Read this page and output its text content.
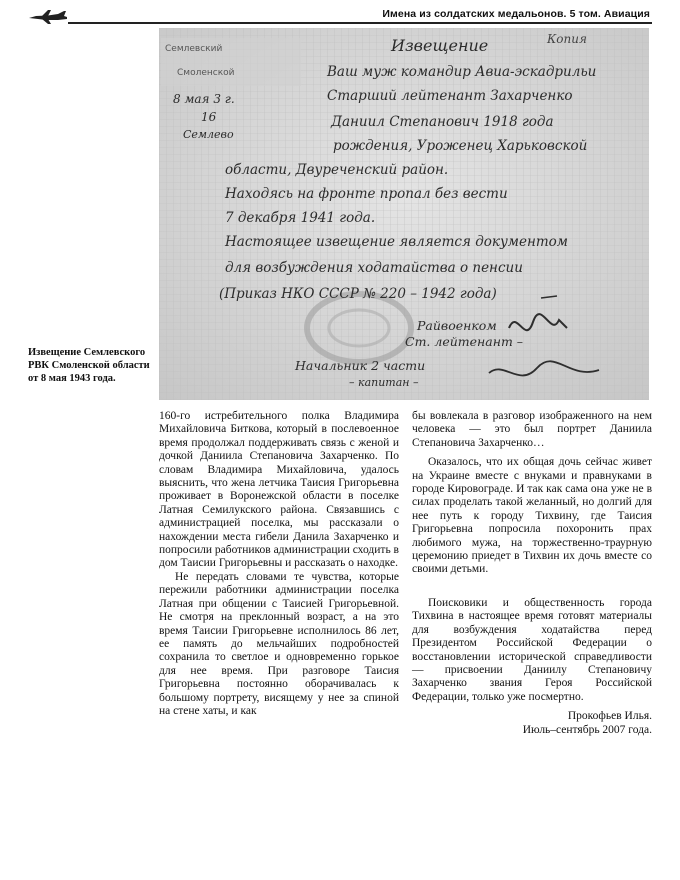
Имена из солдатских медальонов. 5 том. Авиация
Семлевский
Смоленской
Извещение	Копия
8 мая 3 г.
16
Семлево
Ваш муж командир Авиа-эскадрильи
Старший лейтенант Захарченко
Даниил Степанович 1918 года
рождения, Уроженец Харьковской
области, Двуреченский район.
Находясь на фронте пропал без вести
7 декабря 1941 года.
Настоящее извещение является документом
для возбуждения ходатайства о пенсии
(Приказ НКО СССР № 220 – 1942 года)
Райвоенком
Ст. лейтенант –
Начальник 2 части
– капитан –
Извещение Семлевского РВК Смоленской области от 8 мая 1943 года.

160-го истребительного полка Владимира Михайловича Биткова, который в послевоенное время продолжал поддерживать связь с женой и дочкой Даниила Степановича Захарченко. По словам Владимира Михайловича, удалось выяснить, что жена летчика Таисия Григорьевна проживает в Воронежской области в поселке Латная Семилукского района. Связавшись с администрацией поселка, мы рассказали о нахождении места гибели Данила Захарченко и попросили работников администрации сходить в дом Таисии Григорьевны и рассказать о находке.

Не передать словами те чувства, которые пережили работники администрации поселка Латная при общении с Таисией Григорьевной. Не смотря на преклонный возраст, а на это время Таисии Григорьевне исполнилось 86 лет, ее память до мельчайших подробностей сохранила то светлое и одновременно горькое для нее время. При разговоре Таисия Григорьевна постоянно оборачивалась к большому портрету, висящему у нее за спиной на стене хаты, и как

бы вовлекала в разговор изображенного на нем человека — это был портрет Даниила Степановича Захарченко…

Оказалось, что их общая дочь сейчас живет на Украине вместе с внуками и правнуками в городе Кировограде. И так как сама она уже не в силах проделать такой желанный, но долгий для нее путь к городу Тихвину, где Таисия Григорьевна попросила похоронить прах любимого мужа, на торжественно-траурную церемонию приедет в Тихвин их дочь вместе со своими детьми.

Поисковики и общественность города Тихвина в настоящее время готовят материалы для возбуждения ходатайства перед Президентом Российской Федерации о восстановлении исторической справедливости — присвоении Даниилу Степановичу Захарченко звания Героя Российской Федерации, только уже посмертно.

Прокофьев Илья.

Июль–сентябрь 2007 года.
